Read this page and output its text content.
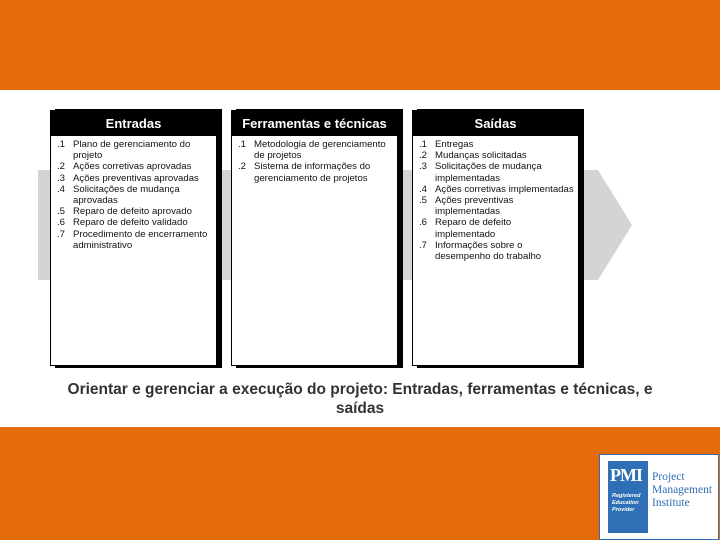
Entradas
.1 Plano de gerenciamento do projeto
.2 Ações corretivas aprovadas
.3 Ações preventivas aprovadas
.4 Solicitações de mudança aprovadas
.5 Reparo de defeito aprovado
.6 Reparo de defeito validado
.7 Procedimento de encerramento administrativo
Ferramentas e técnicas
.1 Metodologia de gerenciamento de projetos
.2 Sistema de informações do gerenciamento de projetos
Saídas
.1 Entregas
.2 Mudanças solicitadas
.3 Solicitações de mudança implementadas
.4 Ações corretivas implementadas
.5 Ações preventivas implementadas
.6 Reparo de defeito implementado
.7 Informações sobre o desempenho do trabalho
Orientar e gerenciar a execução do projeto: Entradas, ferramentas e técnicas, e
saídas
PMI
Registered Education Provider
Project
Management
Institute
